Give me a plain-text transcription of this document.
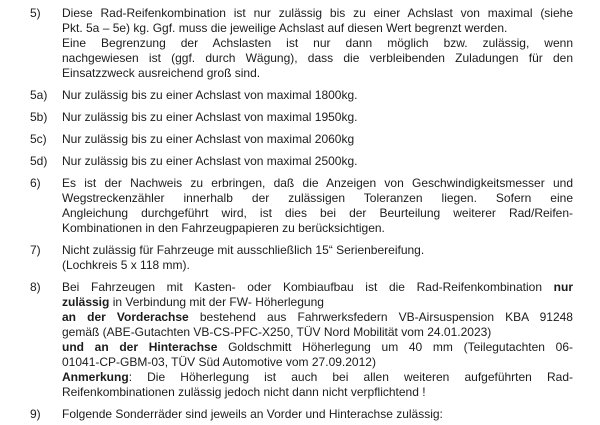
5)	Diese Rad-Reifenkombination ist nur zulässig bis zu einer Achslast von maximal (siehe
Pkt. 5a – 5e) kg. Ggf. muss die jeweilige Achslast auf diesen Wert begrenzt werden.
Eine Begrenzung der Achslasten ist nur dann möglich bzw. zulässig, wenn
nachgewiesen ist (ggf. durch Wägung), dass die verbleibenden Zuladungen für den
Einsatzzweck ausreichend groß sind.
5a)	Nur zulässig bis zu einer Achslast von maximal 1800kg.
5b)	Nur zulässig bis zu einer Achslast von maximal 1950kg.
5c)	Nur zulässig bis zu einer Achslast von maximal 2060kg
5d)	Nur zulässig bis zu einer Achslast von maximal 2500kg.
6)	Es ist der Nachweis zu erbringen, daß die Anzeigen von Geschwindigkeitsmesser und
Wegstreckenzähler innerhalb der zulässigen Toleranzen liegen. Sofern eine
Angleichung durchgeführt wird, ist dies bei der Beurteilung weiterer Rad/Reifen-
Kombinationen in den Fahrzeugpapieren zu berücksichtigen.
7)	Nicht zulässig für Fahrzeuge mit ausschließlich 15“ Serienbereifung.
(Lochkreis 5 x 118 mm).
8)	Bei Fahrzeugen mit Kasten- oder Kombiaufbau ist die Rad-Reifenkombination nur
zulässig in Verbindung mit der FW- Höherlegung
an der Vorderachse bestehend aus Fahrwerksfedern VB-Airsuspension KBA 91248
gemäß (ABE-Gutachten VB-CS-PFC-X250, TÜV Nord Mobilität vom 24.01.2023)
und an der Hinterachse Goldschmitt Höherlegung um 40 mm (Teilegutachten 06-
01041-CP-GBM-03, TÜV Süd Automotive vom 27.09.2012)
Anmerkung: Die Höherlegung ist auch bei allen weiteren aufgeführten Rad-
Reifenkombinationen zulässig jedoch nicht dann nicht verpflichtend !
9)	Folgende Sonderräder sind jeweils an Vorder und Hinterachse zulässig:
